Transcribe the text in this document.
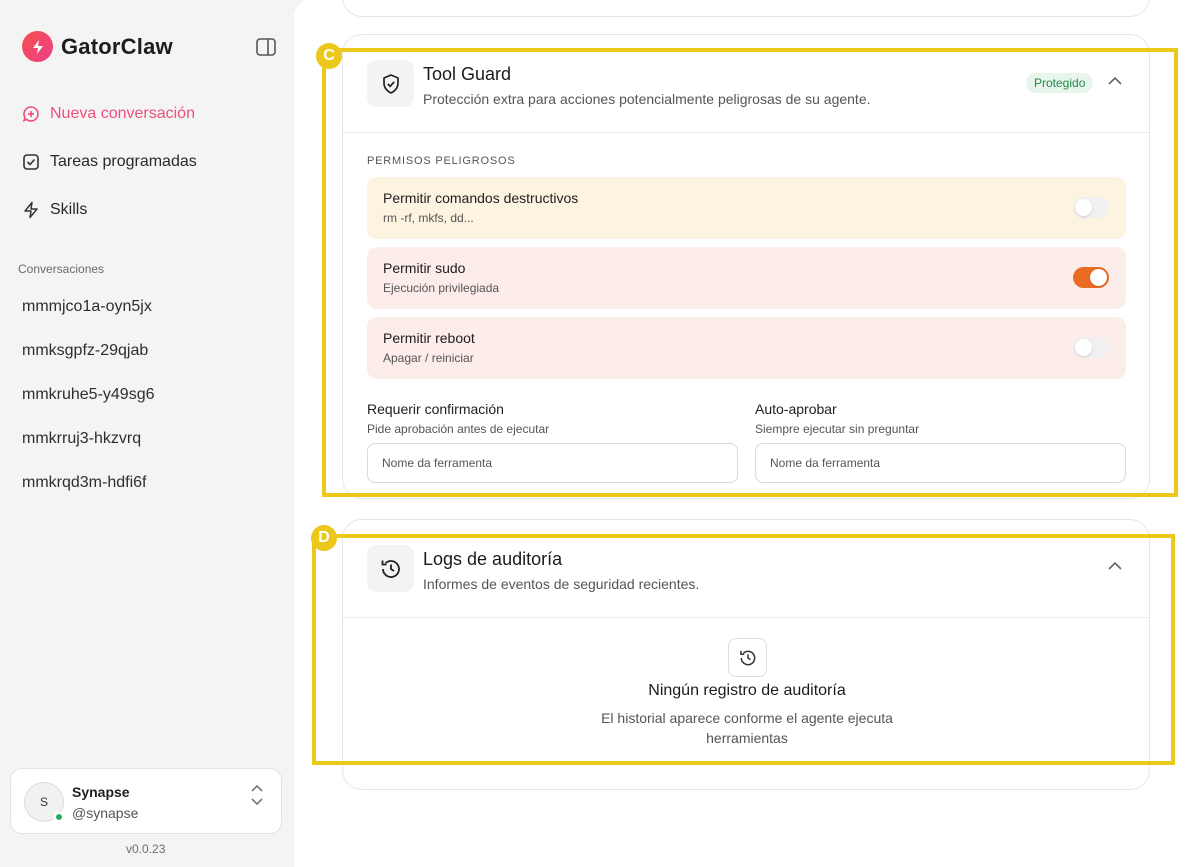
GatorClaw
Nueva conversación
Tareas programadas
Skills
Conversaciones
mmmjco1a-oyn5jx
mmksgpfz-29qjab
mmkruhe5-y49sg6
mmkrruj3-hkzvrq
mmkrqd3m-hdfi6f
S
Synapse
@synapse
v0.0.23
Tool Guard
Protección extra para acciones potencialmente peligrosas de su agente.
Protegido
PERMISOS PELIGROSOS
Permitir comandos destructivos
rm -rf, mkfs, dd...
Permitir sudo
Ejecución privilegiada
Permitir reboot
Apagar / reiniciar
Requerir confirmación
Pide aprobación antes de ejecutar
Nome da ferramenta
Auto-aprobar
Siempre ejecutar sin preguntar
Nome da ferramenta
Logs de auditoría
Informes de eventos de seguridad recientes.
Ningún registro de auditoría
El historial aparece conforme el agente ejecuta herramientas
C
D
